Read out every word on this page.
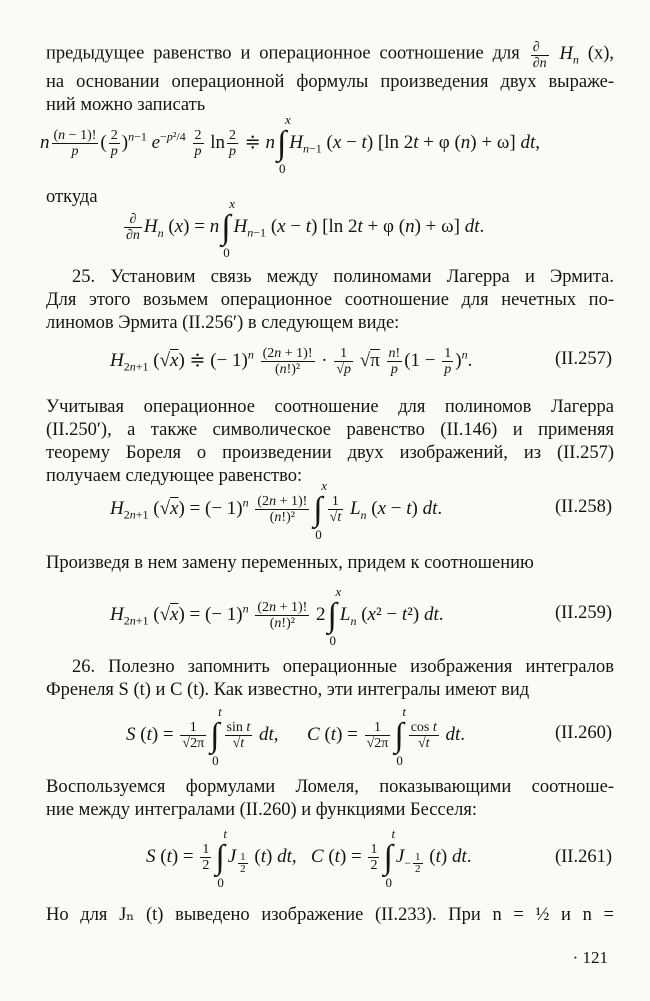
предыдущее равенство и операционное соотношение для $\frac{\partial}{\partial n} H_n$ (x),
на основании операционной формулы произведения двух выраже-
ний можно записать
n $\frac{(n - 1)!}{p}$ ( $\frac{2}{p} )^{n-1}$ $e^{-p^2/4} \frac{2}{p}$ $\ln \frac{2}{p}$ ≑ n∫
x
0
$H_{n-1}$ (x − t) [ln 2t + φ (n) + ω] dt,
откуда
$\frac{\partial}{\partial n} H_n$ (x) = n∫
x
0
$H_{n-1}$ (x − t) [ln 2t + φ (n) + ω] dt.
25. Установим связь между полиномами Лагерра и Эрмита.
Для этого возьмем операционное соотношение для нечетных по-
линомов Эрмита (II.256′) в следующем виде:
$H_{2n+1}$ (√x) ≑ (− $1)^n \frac{(2n + 1)!}{\text{(n!)²}} \cdot \frac{1}{√p} √\pi \frac{n!}{p} (1 - \frac{1}{p} )^n$.	(II.257)
Учитывая операционное соотношение для полиномов Лагерра
(II.250′), а также символическое равенство (II.146) и применяя
теорему Бореля о произведении двух изображений, из (II.257)
получаем следующее равенство:
$H_{2n+1}$ (√x) = (− $1)^n \frac{(2n + 1)!}{\text{(n!)²}}$ ∫
x
0
$\frac{1}{√t} L_n$ (x − t) dt.	(II.258)
Произведя в нем замену переменных, придем к соотношению
$H_{2n+1}$ (√x) = (− $1)^n \frac{(2n + 1)!}{\text{(n!)²}} 2\int$
x
0
$L_n$ (x² − t²) dt.	(II.259)
26. Полезно запомнить операционные изображения интегралов
Френеля S (t) и C (t). Как известно, эти интегралы имеют вид
S $(t) = \frac{1}{√2\pi}$ ∫
t
0
$\frac{\text{sin t}}{√t}$ dt,      C $(t) = \frac{1}{√2\pi}$ ∫
t
0
$\frac{\text{cos t}}{√t}$ dt.	(II.260)
Воспользуемся формулами Ломеля, показывающими соотноше-
ние между интегралами (II.260) и функциями Бесселя:
S $(t) = \frac{1}{2}$ ∫
t
0
J $_{\frac{1}{2}}$ (t) dt,   C $(t) = \frac{1}{2}$ ∫
t
0
$J_{- \frac{1}{2}}$ (t) dt.	(II.261)
Но для Jₙ (t) выведено изображение (II.233). При n = ½ и n =
· 121
